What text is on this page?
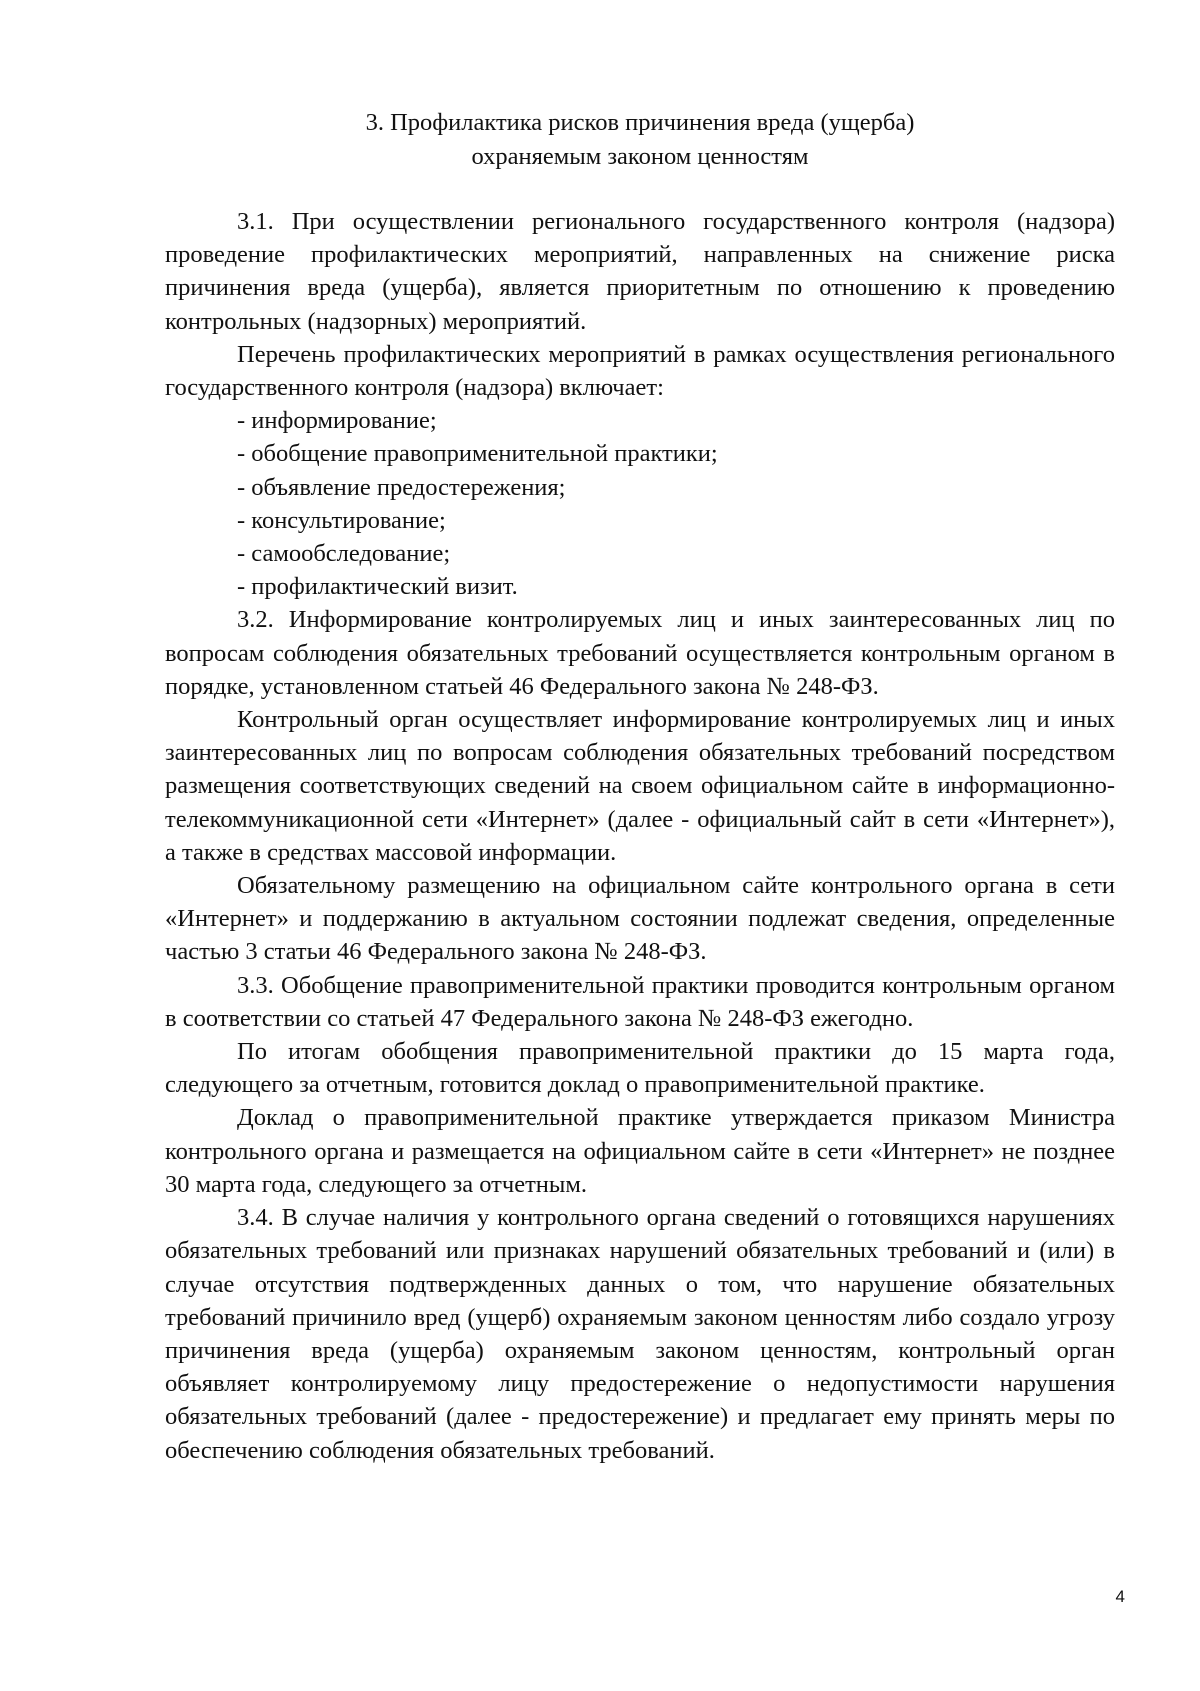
3. Профилактика рисков причинения вреда (ущерба)
охраняемым законом ценностям

3.1. При осуществлении регионального государственного контроля (надзора) проведение профилактических мероприятий, направленных на снижение риска причинения вреда (ущерба), является приоритетным по отношению к проведению контрольных (надзорных) мероприятий.

Перечень профилактических мероприятий в рамках осуществления регионального государственного контроля (надзора) включает:

- информирование;

- обобщение правоприменительной практики;

- объявление предостережения;

- консультирование;

- самообследование;

- профилактический визит.

3.2. Информирование контролируемых лиц и иных заинтересованных лиц по вопросам соблюдения обязательных требований осуществляется контрольным органом в порядке, установленном статьей 46 Федерального закона № 248-ФЗ.

Контрольный орган осуществляет информирование контролируемых лиц и иных заинтересованных лиц по вопросам соблюдения обязательных требований посредством размещения соответствующих сведений на своем официальном сайте в информационно-телекоммуникационной сети «Интернет» (далее - официальный сайт в сети «Интернет»), а также в средствах массовой информации.

Обязательному размещению на официальном сайте контрольного органа в сети «Интернет» и поддержанию в актуальном состоянии подлежат сведения, определенные частью 3 статьи 46 Федерального закона № 248-ФЗ.

3.3. Обобщение правоприменительной практики проводится контрольным органом в соответствии со статьей 47 Федерального закона № 248-ФЗ ежегодно.

По итогам обобщения правоприменительной практики до 15 марта года, следующего за отчетным, готовится доклад о правоприменительной практике.

Доклад о правоприменительной практике утверждается приказом Министра контрольного органа и размещается на официальном сайте в сети «Интернет» не позднее 30 марта года, следующего за отчетным.

3.4. В случае наличия у контрольного органа сведений о готовящихся нарушениях обязательных требований или признаках нарушений обязательных требований и (или) в случае отсутствия подтвержденных данных о том, что нарушение обязательных требований причинило вред (ущерб) охраняемым законом ценностям либо создало угрозу причинения вреда (ущерба) охраняемым законом ценностям, контрольный орган объявляет контролируемому лицу предостережение о недопустимости нарушения обязательных требований (далее - предостережение) и предлагает ему принять меры по обеспечению соблюдения обязательных требований.

4
